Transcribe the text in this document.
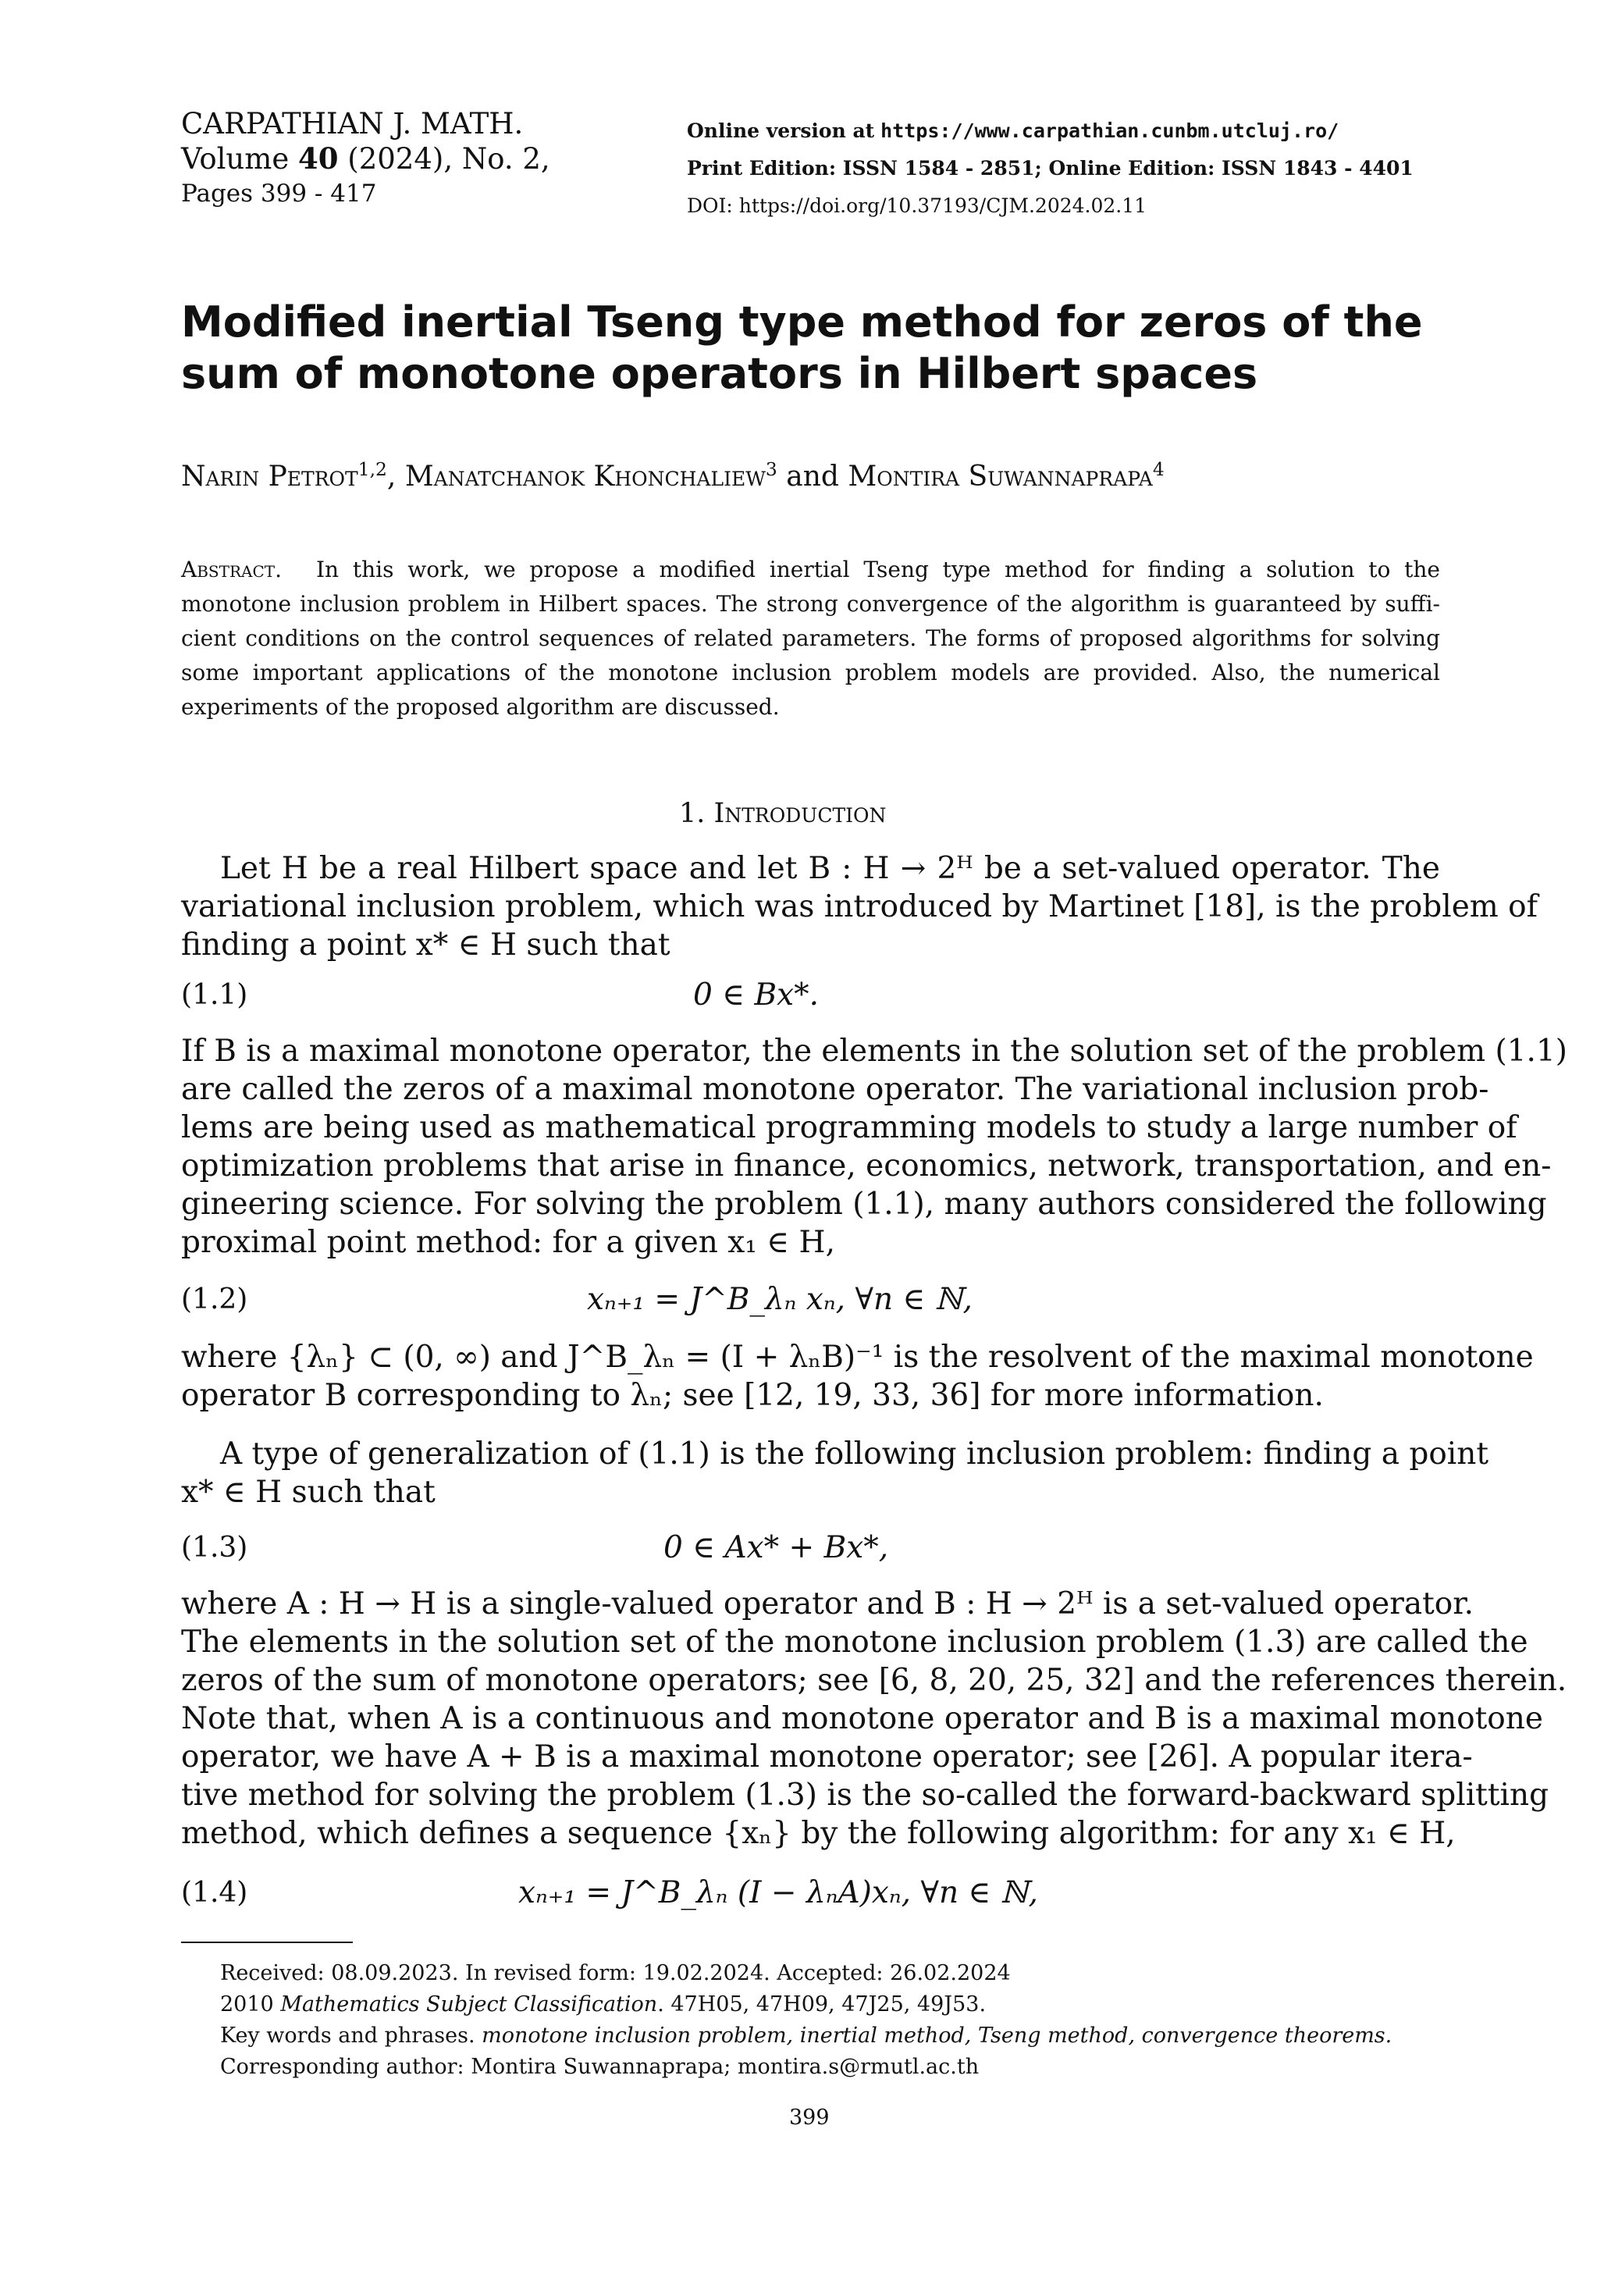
CARPATHIAN J. MATH.
Volume 40 (2024), No. 2,
Pages 399 - 417
Online version at https://www.carpathian.cunbm.utcluj.ro/
Print Edition: ISSN 1584 - 2851; Online Edition: ISSN 1843 - 4401
DOI: https://doi.org/10.37193/CJM.2024.02.11
Modified inertial Tseng type method for zeros of the sum of monotone operators in Hilbert spaces
Narin Petrot$^{1,2}$, Manatchanok Khonchaliew$^3$ and Montira Suwannaprapa$^4$
Abstract. In this work, we propose a modified inertial Tseng type method for finding a solution to the
monotone inclusion problem in Hilbert spaces. The strong convergence of the algorithm is guaranteed by suffi-
cient conditions on the control sequences of related parameters. The forms of proposed algorithms for solving
some important applications of the monotone inclusion problem models are provided. Also, the numerical
experiments of the proposed algorithm are discussed.
1. Introduction
Let H be a real Hilbert space and let B : H → 2ᴴ be a set-valued operator. The
variational inclusion problem, which was introduced by Martinet [18], is the problem of
finding a point x* ∈ H such that
(1.1)	0 ∈ Bx*.
If B is a maximal monotone operator, the elements in the solution set of the problem (1.1)
are called the zeros of a maximal monotone operator. The variational inclusion prob-
lems are being used as mathematical programming models to study a large number of
optimization problems that arise in finance, economics, network, transportation, and en-
gineering science. For solving the problem (1.1), many authors considered the following
proximal point method: for a given x₁ ∈ H,
(1.2)	xₙ₊₁ = J^B_λₙ xₙ, ∀n ∈ ℕ,
where {λₙ} ⊂ (0, ∞) and J^B_λₙ = (I + λₙB)⁻¹ is the resolvent of the maximal monotone
operator B corresponding to λₙ; see [12, 19, 33, 36] for more information.
A type of generalization of (1.1) is the following inclusion problem: finding a point
x* ∈ H such that
(1.3)	0 ∈ Ax* + Bx*,
where A : H → H is a single-valued operator and B : H → 2ᴴ is a set-valued operator.
The elements in the solution set of the monotone inclusion problem (1.3) are called the
zeros of the sum of monotone operators; see [6, 8, 20, 25, 32] and the references therein.
Note that, when A is a continuous and monotone operator and B is a maximal monotone
operator, we have A + B is a maximal monotone operator; see [26]. A popular itera-
tive method for solving the problem (1.3) is the so-called the forward-backward splitting
method, which defines a sequence {xₙ} by the following algorithm: for any x₁ ∈ H,
(1.4)	xₙ₊₁ = J^B_λₙ (I − λₙA)xₙ, ∀n ∈ ℕ,
Received: 08.09.2023. In revised form: 19.02.2024. Accepted: 26.02.2024
2010 Mathematics Subject Classification. 47H05, 47H09, 47J25, 49J53.
Key words and phrases. monotone inclusion problem, inertial method, Tseng method, convergence theorems.
Corresponding author: Montira Suwannaprapa; montira.s@rmutl.ac.th
399
